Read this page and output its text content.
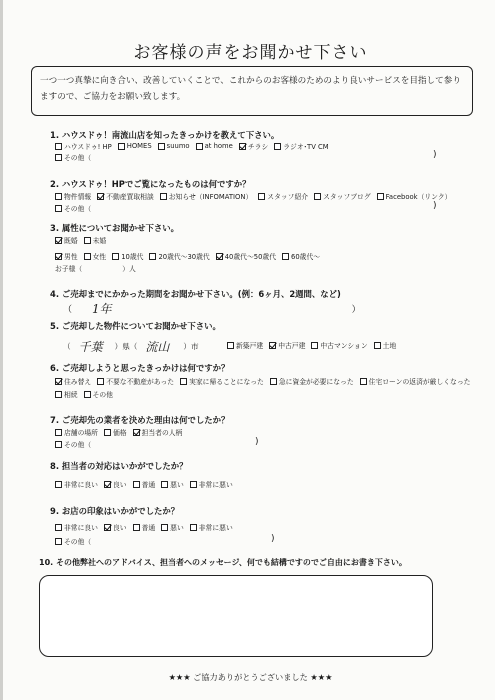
お客様の声をお聞かせ下さい
一つ一つ真摯に向き合い、改善していくことで、これからのお客様のためのより良いサービスを目指して参りますので、ご協力をお願い致します。
1. ハウスドゥ！南流山店を知ったきっかけを教えて下さい。
ハウスドゥ! HP HOMES suumo at home チラシ ラジオ･TV CM
その他（	)
2. ハウスドゥ！HPでご覧になったものは何ですか？
物件情報 不動産買取相談 お知らせ（INFOMATION） スタッフ紹介 スタッフブログ Facebook（リンク）
その他（	)
3. 属性についてお聞かせ下さい。
既婚 未婚
男性 女性 10歳代 20歳代〜30歳代 40歳代〜50歳代 60歳代〜
お子様（	）人
4. ご売却までにかかった期間をお聞かせ下さい。(例：6ヶ月、2週間、など)
（ 1年	）
5. ご売却した物件についてお聞かせ下さい。
（ 千葉 ）県（ 流山 ）市	新築戸建 中古戸建 中古マンション 土地
6. ご売却しようと思ったきっかけは何ですか？
住み替え 不要な不動産があった 実家に帰ることになった 急に資金が必要になった 住宅ローンの返済が厳しくなった
相続 その他
7. ご売却先の業者を決めた理由は何でしたか？
店舗の場所 価格 担当者の人柄
その他（	)
8. 担当者の対応はいかがでしたか？
非常に良い 良い 普通 悪い 非常に悪い
9. お店の印象はいかがでしたか？
非常に良い 良い 普通 悪い 非常に悪い
その他（	)
10. その他弊社へのアドバイス、担当者へのメッセージ、何でも結構ですのでご自由にお書き下さい。
★★★ ご協力ありがとうございました ★★★
